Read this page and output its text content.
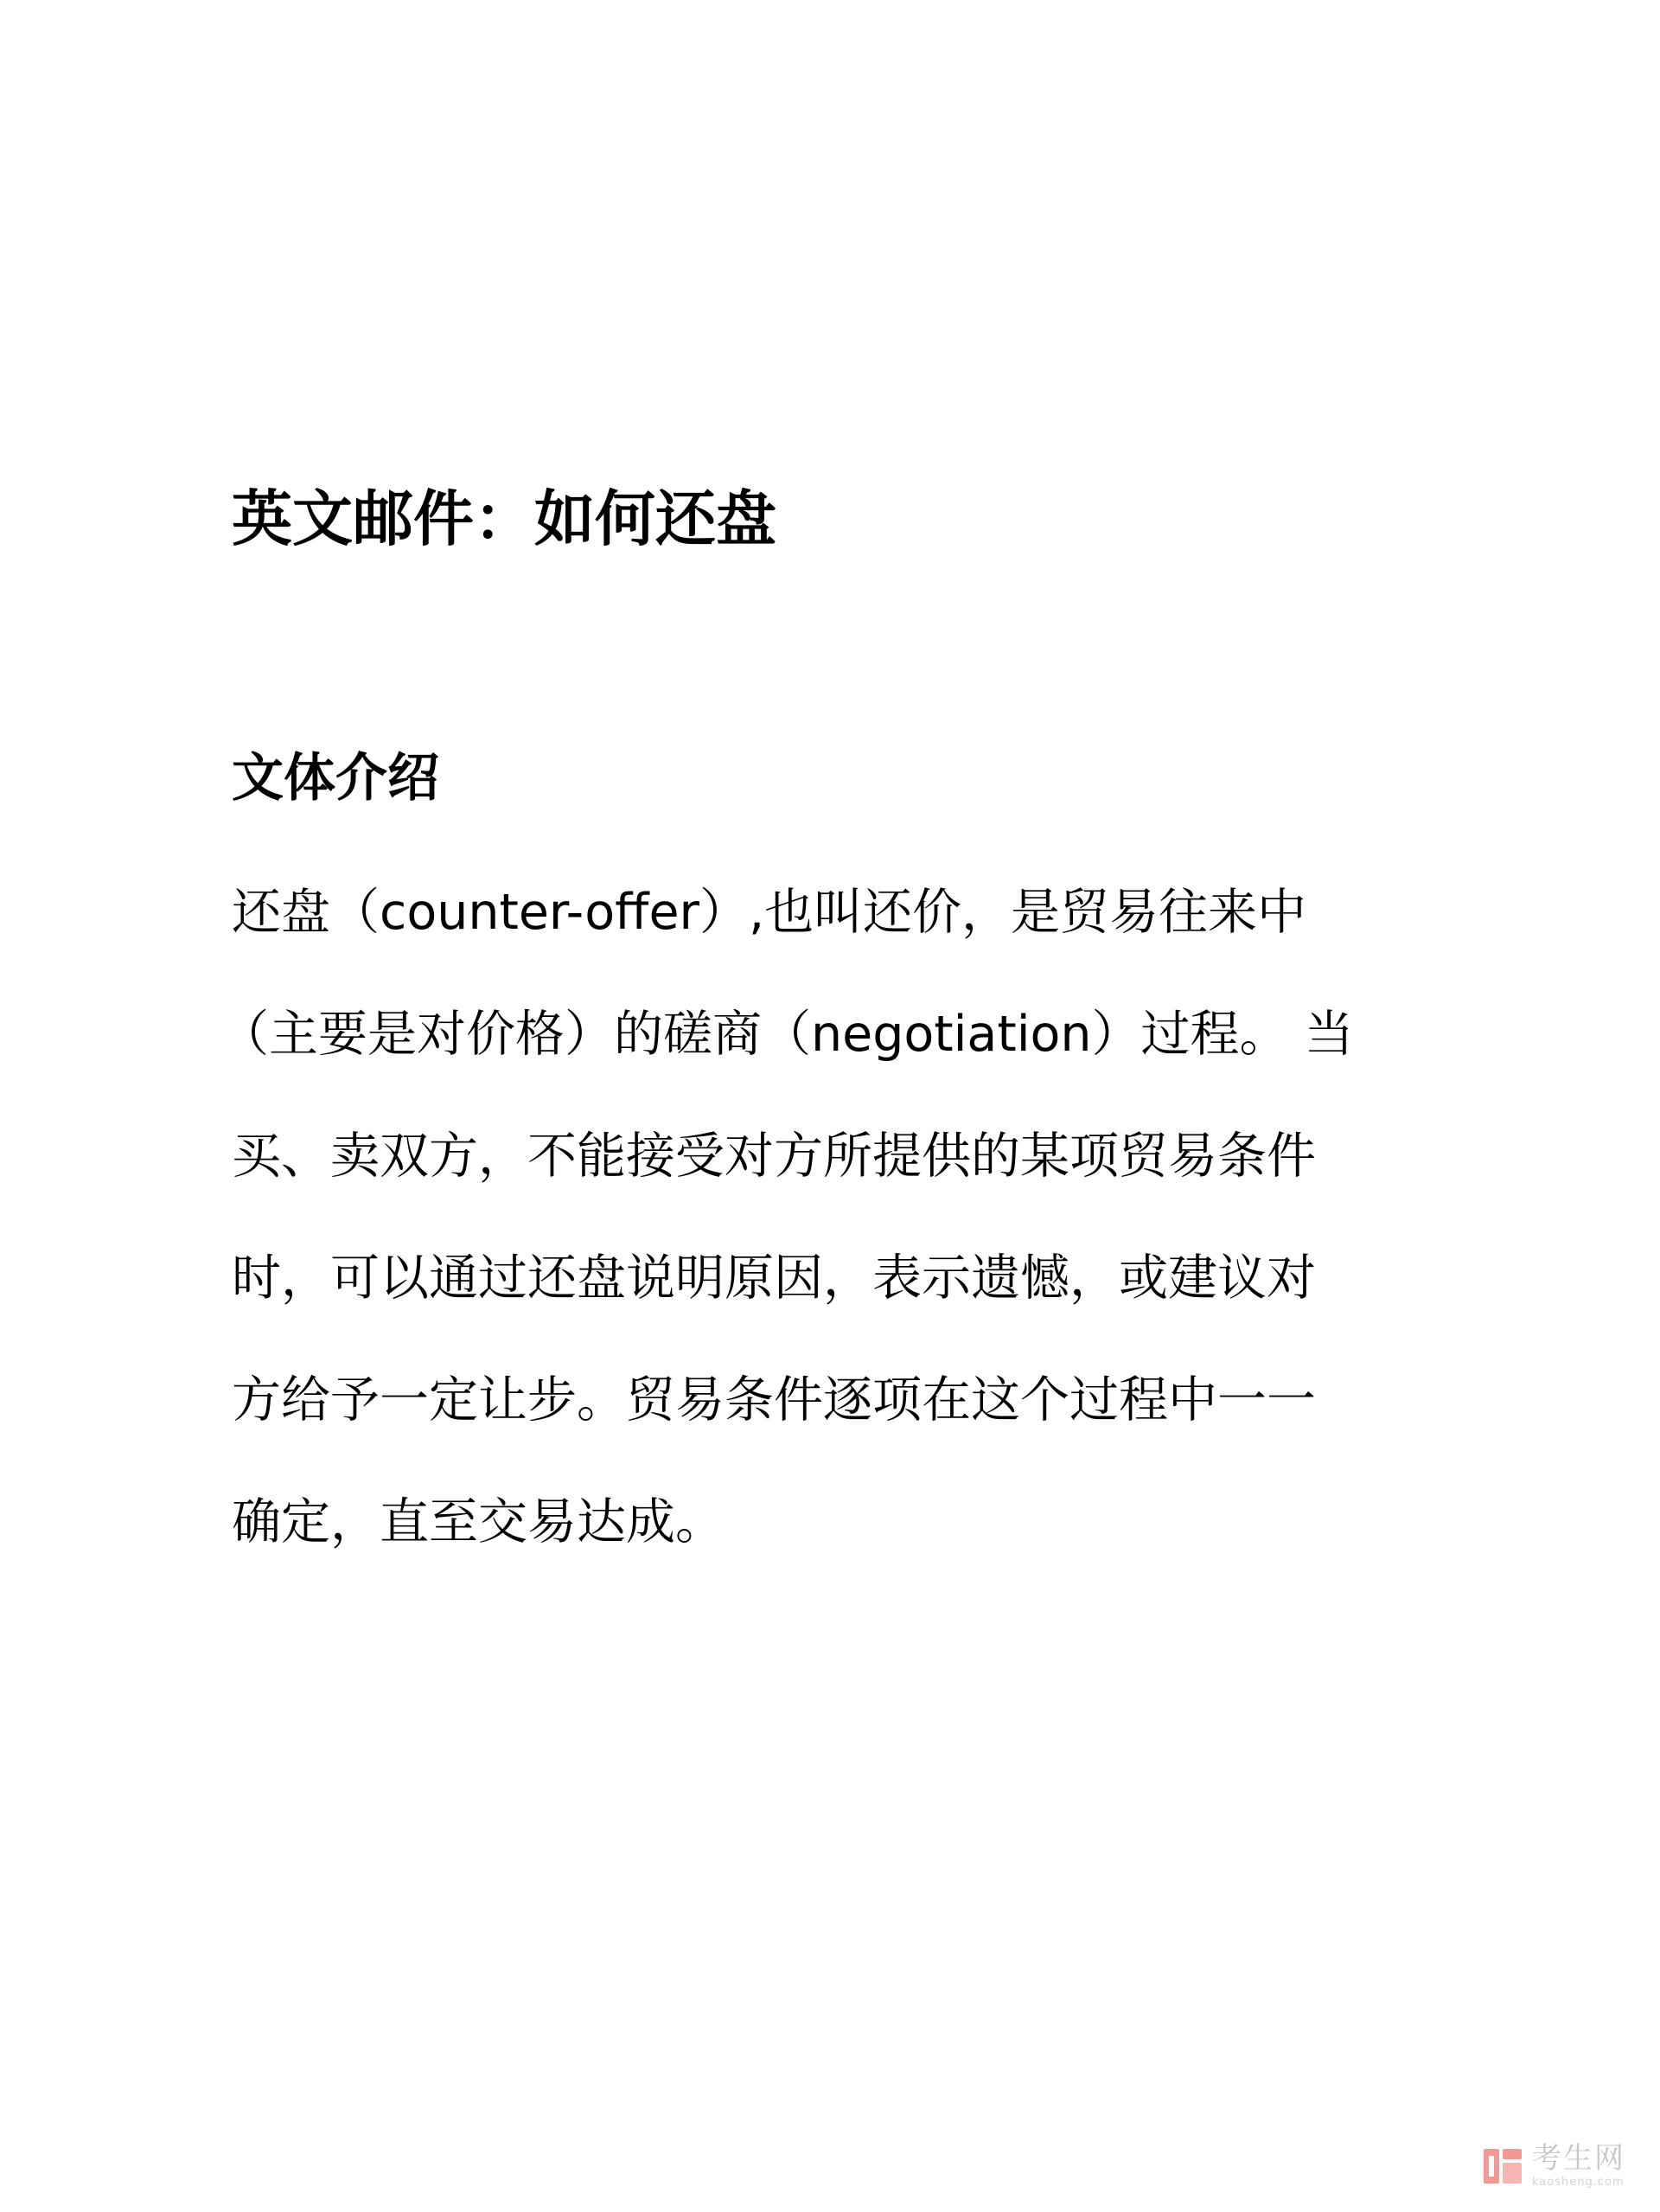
英文邮件：如何还盘
文体介绍

还盘（counter-offer）,也叫还价，是贸易往来中
（主要是对价格）的磋商（negotiation）过程。 当
买、卖双方，不能接受对方所提供的某项贸易条件
时，可以通过还盘说明原因，表示遗憾，或建议对
方给予一定让步。贸易条件逐项在这个过程中一一
确定，直至交易达成。

考生网
kaosheng.com
